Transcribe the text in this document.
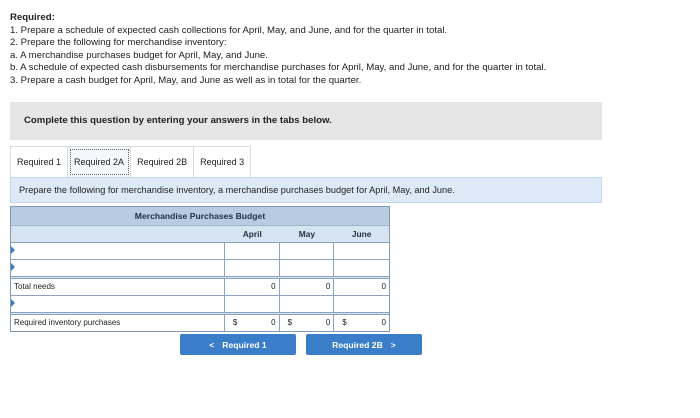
Required:
1. Prepare a schedule of expected cash collections for April, May, and June, and for the quarter in total.
2. Prepare the following for merchandise inventory:
a. A merchandise purchases budget for April, May, and June.
b. A schedule of expected cash disbursements for merchandise purchases for April, May, and June, and for the quarter in total.
3. Prepare a cash budget for April, May, and June as well as in total for the quarter.
Complete this question by entering your answers in the tabs below.
Required 1	Required 2A	Required 2B	Required 3
Prepare the following for merchandise inventory, a merchandise purchases budget for April, May, and June.
Merchandise Purchases Budget
April	May	June
Total needs	0	0	0
Required inventory purchases	$	0	$	0	$	0
< Required 1	Required 2B >
